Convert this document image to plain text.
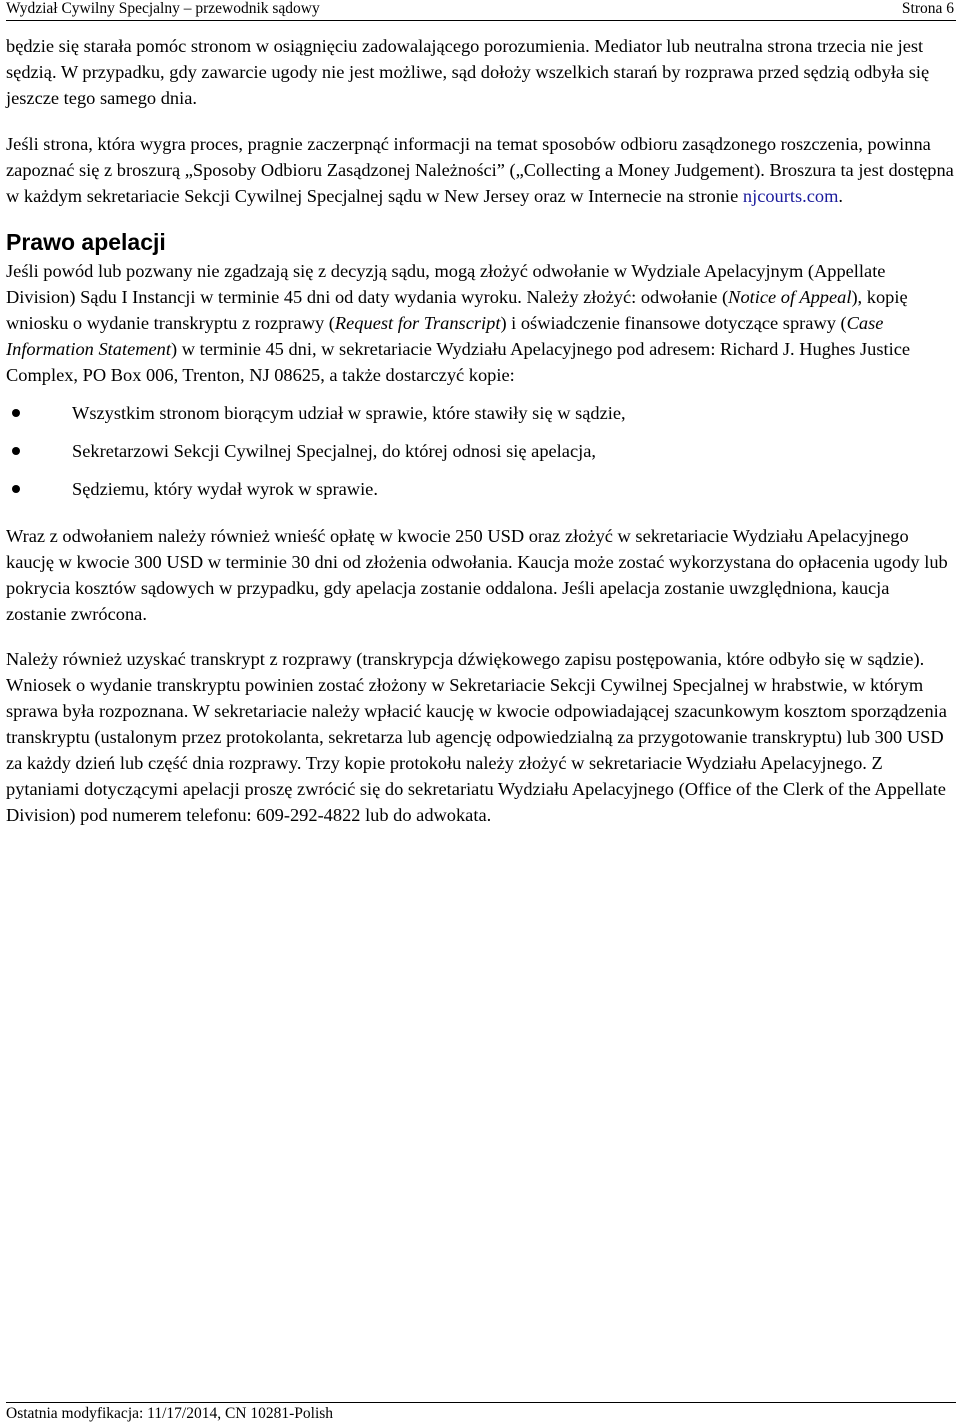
Wydział Cywilny Specjalny – przewodnik sądowy	Strona 6

będzie się starała pomóc stronom w osiągnięciu zadowalającego porozumienia. Mediator lub neutralna strona trzecia nie jest sędzią. W przypadku, gdy zawarcie ugody nie jest możliwe, sąd dołoży wszelkich starań by rozprawa przed sędzią odbyła się jeszcze tego samego dnia.

Jeśli strona, która wygra proces, pragnie zaczerpnąć informacji na temat sposobów odbioru zasądzonego roszczenia, powinna zapoznać się z broszurą „Sposoby Odbioru Zasądzonej Należności” („Collecting a Money Judgement). Broszura ta jest dostępna w każdym sekretariacie Sekcji Cywilnej Specjalnej sądu w New Jersey oraz w Internecie na stronie njcourts.com.

Prawo apelacji

Jeśli powód lub pozwany nie zgadzają się z decyzją sądu, mogą złożyć odwołanie w Wydziale Apelacyjnym (Appellate Division) Sądu I Instancji w terminie 45 dni od daty wydania wyroku. Należy złożyć: odwołanie (Notice of Appeal), kopię wniosku o wydanie transkryptu z rozprawy (Request for Transcript) i oświadczenie finansowe dotyczące sprawy (Case Information Statement) w terminie 45 dni, w sekretariacie Wydziału Apelacyjnego pod adresem: Richard J. Hughes Justice Complex, PO Box 006, Trenton, NJ 08625, a także dostarczyć kopie:

Wszystkim stronom biorącym udział w sprawie, które stawiły się w sądzie,
Sekretarzowi Sekcji Cywilnej Specjalnej, do której odnosi się apelacja,
Sędziemu, który wydał wyrok w sprawie.

Wraz z odwołaniem należy również wnieść opłatę w kwocie 250 USD oraz złożyć w sekretariacie Wydziału Apelacyjnego kaucję w kwocie 300 USD w terminie 30 dni od złożenia odwołania. Kaucja może zostać wykorzystana do opłacenia ugody lub pokrycia kosztów sądowych w przypadku, gdy apelacja zostanie oddalona. Jeśli apelacja zostanie uwzględniona, kaucja zostanie zwrócona.

Należy również uzyskać transkrypt z rozprawy (transkrypcja dźwiękowego zapisu postępowania, które odbyło się w sądzie). Wniosek o wydanie transkryptu powinien zostać złożony w Sekretariacie Sekcji Cywilnej Specjalnej w hrabstwie, w którym sprawa była rozpoznana. W sekretariacie należy wpłacić kaucję w kwocie odpowiadającej szacunkowym kosztom sporządzenia transkryptu (ustalonym przez protokolanta, sekretarza lub agencję odpowiedzialną za przygotowanie transkryptu) lub 300 USD za każdy dzień lub część dnia rozprawy. Trzy kopie protokołu należy złożyć w sekretariacie Wydziału Apelacyjnego. Z pytaniami dotyczącymi apelacji proszę zwrócić się do sekretariatu Wydziału Apelacyjnego (Office of the Clerk of the Appellate Division) pod numerem telefonu: 609-292-4822 lub do adwokata.

Ostatnia modyfikacja: 11/17/2014, CN 10281-Polish
